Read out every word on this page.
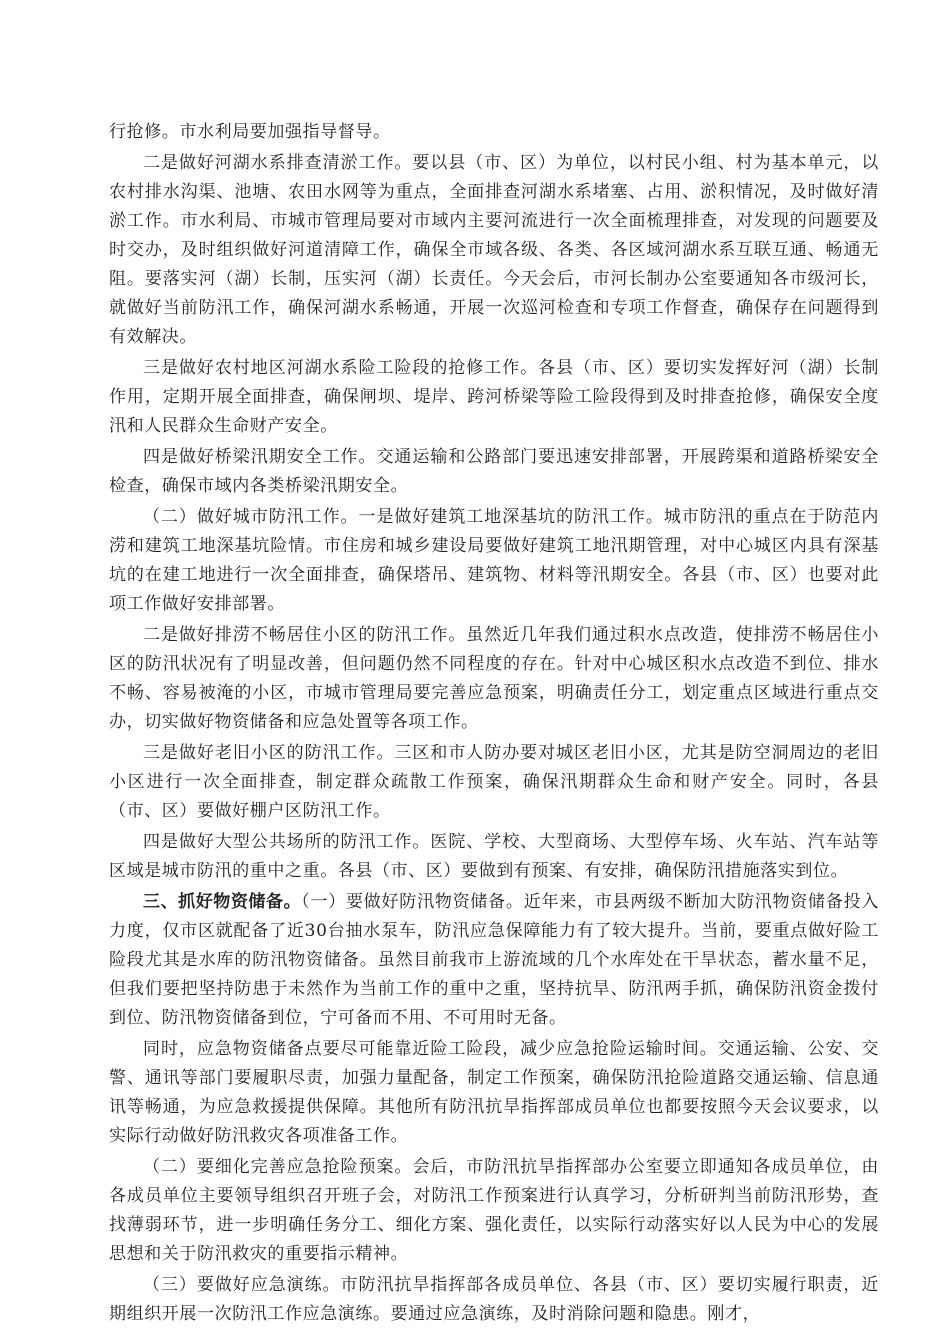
行抢修。市水利局要加强指导督导。

二是做好河湖水系排查清淤工作。要以县（市、区）为单位，以村民小组、村为基本单元，以农村排水沟渠、池塘、农田水网等为重点，全面排查河湖水系堵塞、占用、淤积情况，及时做好清淤工作。市水利局、市城市管理局要对市域内主要河流进行一次全面梳理排查，对发现的问题要及时交办，及时组织做好河道清障工作，确保全市域各级、各类、各区域河湖水系互联互通、畅通无阻。要落实河（湖）长制，压实河（湖）长责任。今天会后，市河长制办公室要通知各市级河长，就做好当前防汛工作，确保河湖水系畅通，开展一次巡河检查和专项工作督查，确保存在问题得到有效解决。

三是做好农村地区河湖水系险工险段的抢修工作。各县（市、区）要切实发挥好河（湖）长制作用，定期开展全面排查，确保闸坝、堤岸、跨河桥梁等险工险段得到及时排查抢修，确保安全度汛和人民群众生命财产安全。

四是做好桥梁汛期安全工作。交通运输和公路部门要迅速安排部署，开展跨渠和道路桥梁安全检查，确保市域内各类桥梁汛期安全。

（二）做好城市防汛工作。一是做好建筑工地深基坑的防汛工作。城市防汛的重点在于防范内涝和建筑工地深基坑险情。市住房和城乡建设局要做好建筑工地汛期管理，对中心城区内具有深基坑的在建工地进行一次全面排查，确保塔吊、建筑物、材料等汛期安全。各县（市、区）也要对此项工作做好安排部署。

二是做好排涝不畅居住小区的防汛工作。虽然近几年我们通过积水点改造，使排涝不畅居住小区的防汛状况有了明显改善，但问题仍然不同程度的存在。针对中心城区积水点改造不到位、排水不畅、容易被淹的小区，市城市管理局要完善应急预案，明确责任分工，划定重点区域进行重点交办，切实做好物资储备和应急处置等各项工作。

三是做好老旧小区的防汛工作。三区和市人防办要对城区老旧小区，尤其是防空洞周边的老旧小区进行一次全面排查，制定群众疏散工作预案，确保汛期群众生命和财产安全。同时，各县（市、区）要做好棚户区防汛工作。

四是做好大型公共场所的防汛工作。医院、学校、大型商场、大型停车场、火车站、汽车站等区域是城市防汛的重中之重。各县（市、区）要做到有预案、有安排，确保防汛措施落实到位。

三、抓好物资储备。（一）要做好防汛物资储备。近年来，市县两级不断加大防汛物资储备投入力度，仅市区就配备了近30台抽水泵车，防汛应急保障能力有了较大提升。当前，要重点做好险工险段尤其是水库的防汛物资储备。虽然目前我市上游流域的几个水库处在干旱状态，蓄水量不足，但我们要把坚持防患于未然作为当前工作的重中之重，坚持抗旱、防汛两手抓，确保防汛资金拨付到位、防汛物资储备到位，宁可备而不用、不可用时无备。

同时，应急物资储备点要尽可能靠近险工险段，减少应急抢险运输时间。交通运输、公安、交警、通讯等部门要履职尽责，加强力量配备，制定工作预案，确保防汛抢险道路交通运输、信息通讯等畅通，为应急救援提供保障。其他所有防汛抗旱指挥部成员单位也都要按照今天会议要求，以实际行动做好防汛救灾各项准备工作。

（二）要细化完善应急抢险预案。会后，市防汛抗旱指挥部办公室要立即通知各成员单位，由各成员单位主要领导组织召开班子会，对防汛工作预案进行认真学习，分析研判当前防汛形势，查找薄弱环节，进一步明确任务分工、细化方案、强化责任，以实际行动落实好以人民为中心的发展思想和关于防汛救灾的重要指示精神。

（三）要做好应急演练。市防汛抗旱指挥部各成员单位、各县（市、区）要切实履行职责，近期组织开展一次防汛工作应急演练。要通过应急演练，及时消除问题和隐患。刚才，
